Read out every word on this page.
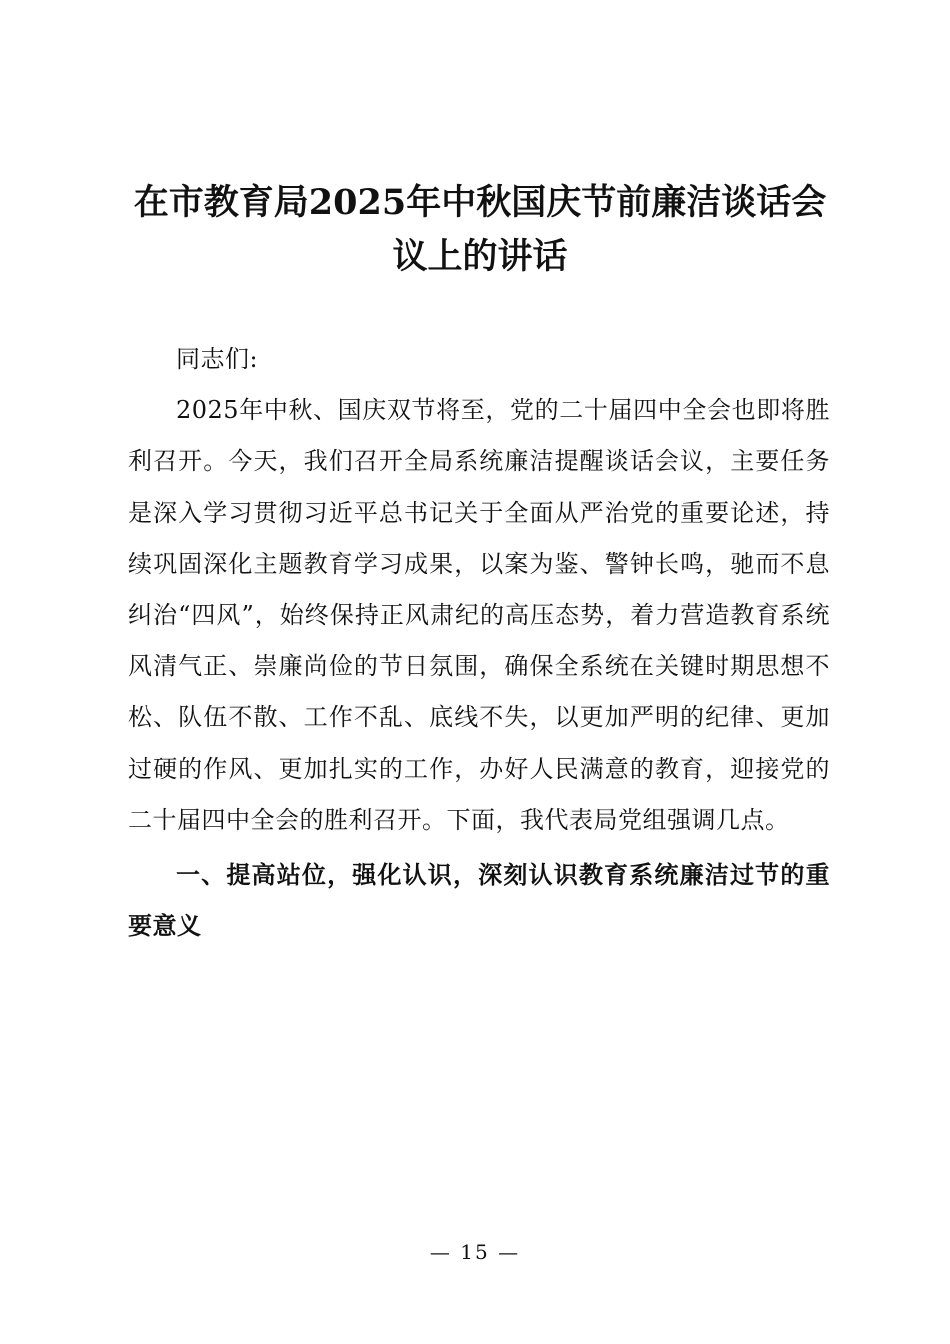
在市教育局2025年中秋国庆节前廉洁谈话会
议上的讲话

同志们:

2025年中秋、国庆双节将至，党的二十届四中全会也即将胜利召开。今天，我们召开全局系统廉洁提醒谈话会议，主要任务是深入学习贯彻习近平总书记关于全面从严治党的重要论述，持续巩固深化主题教育学习成果，以案为鉴、警钟长鸣，驰而不息纠治“四风”，始终保持正风肃纪的高压态势，着力营造教育系统风清气正、崇廉尚俭的节日氛围，确保全系统在关键时期思想不松、队伍不散、工作不乱、底线不失，以更加严明的纪律、更加过硬的作风、更加扎实的工作，办好人民满意的教育，迎接党的二十届四中全会的胜利召开。下面，我代表局党组强调几点。

一、提高站位，强化认识，深刻认识教育系统廉洁过节的重要意义

— 15 —
